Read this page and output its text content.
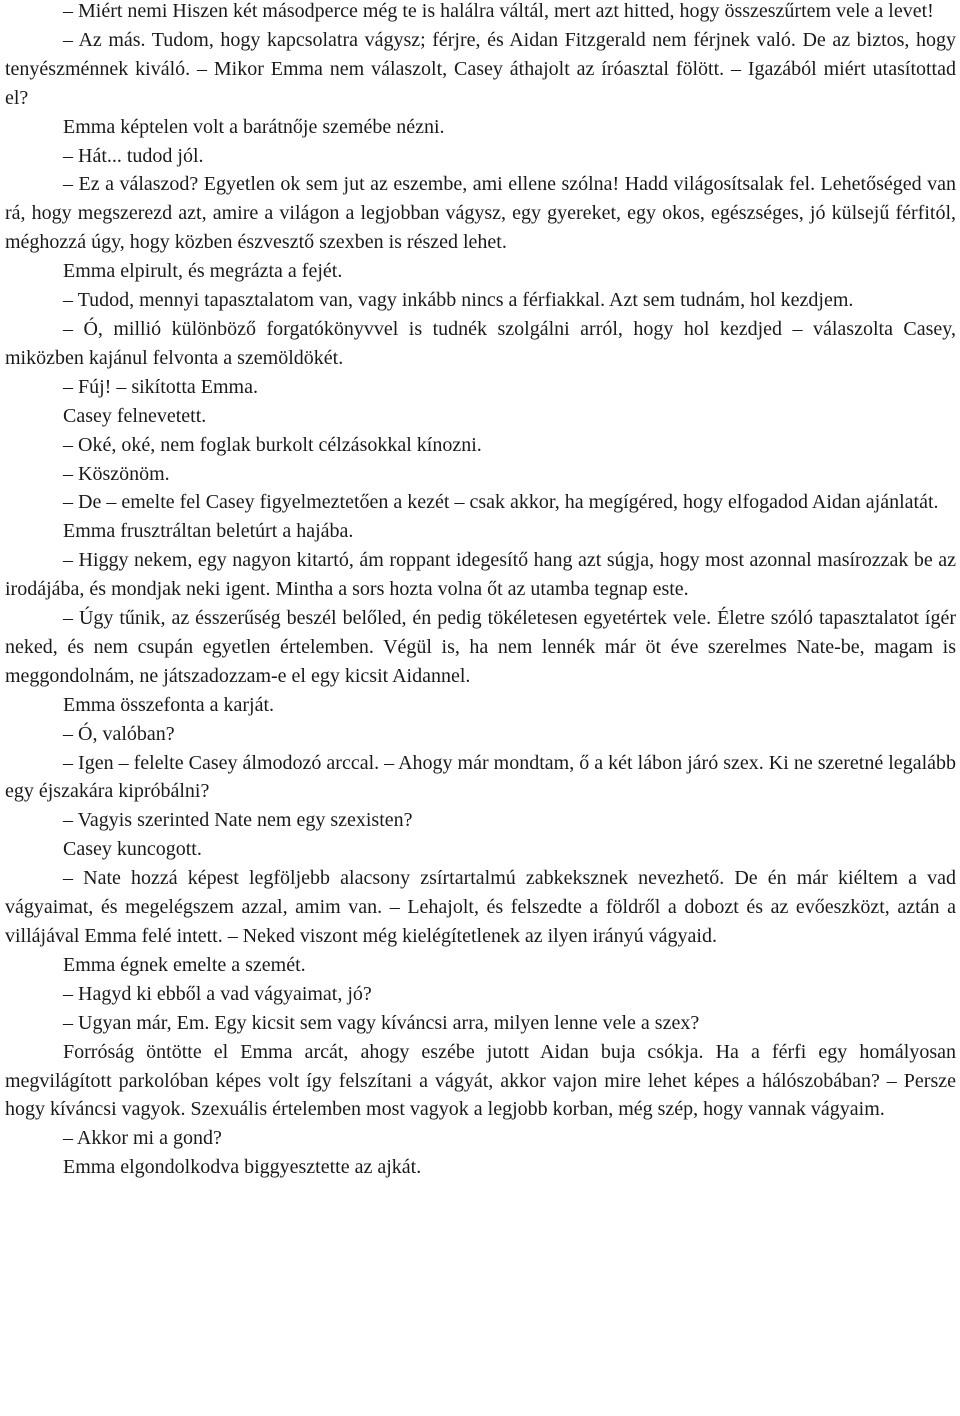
– Miért nemi Hiszen két másodperce még te is halálra váltál, mert azt hitted, hogy összeszűrtem vele a levet!

– Az más. Tudom, hogy kapcsolatra vágysz; férjre, és Aidan Fitzgerald nem férjnek való. De az biztos, hogy tenyészménnek kiváló. – Mikor Emma nem válaszolt, Casey áthajolt az íróasztal fölött. – Igazából miért utasítottad el?

Emma képtelen volt a barátnője szemébe nézni.

– Hát... tudod jól.

– Ez a válaszod? Egyetlen ok sem jut az eszembe, ami ellene szólna! Hadd világosítsalak fel. Lehetőséged van rá, hogy megszerezd azt, amire a világon a legjobban vágysz, egy gyereket, egy okos, egészséges, jó külsejű férfitól, méghozzá úgy, hogy közben észvesztő szexben is részed lehet.

Emma elpirult, és megrázta a fejét.

– Tudod, mennyi tapasztalatom van, vagy inkább nincs a férfiakkal. Azt sem tudnám, hol kezdjem.

– Ó, millió különböző forgatókönyvvel is tudnék szolgálni arról, hogy hol kezdjed – válaszolta Casey, miközben kajánul felvonta a szemöldökét.

– Fúj! – sikította Emma.

Casey felnevetett.

– Oké, oké, nem foglak burkolt célzásokkal kínozni.

– Köszönöm.

– De – emelte fel Casey figyelmeztetően a kezét – csak akkor, ha megígéred, hogy elfogadod Aidan ajánlatát.

Emma frusztráltan beletúrt a hajába.

– Higgy nekem, egy nagyon kitartó, ám roppant idegesítő hang azt súgja, hogy most azonnal masírozzak be az irodájába, és mondjak neki igent. Mintha a sors hozta volna őt az utamba tegnap este.

– Úgy tűnik, az ésszerűség beszél belőled, én pedig tökéletesen egyetértek vele. Életre szóló tapasztalatot ígér neked, és nem csupán egyetlen értelemben. Végül is, ha nem lennék már öt éve szerelmes Nate-be, magam is meggondolnám, ne játszadozzam-e el egy kicsit Aidannel.

Emma összefonta a karját.

– Ó, valóban?

– Igen – felelte Casey álmodozó arccal. – Ahogy már mondtam, ő a két lábon járó szex. Ki ne szeretné legalább egy éjszakára kipróbálni?

– Vagyis szerinted Nate nem egy szexisten?

Casey kuncogott.

– Nate hozzá képest legföljebb alacsony zsírtartalmú zabkeksznek nevezhető. De én már kiéltem a vad vágyaimat, és megelégszem azzal, amim van. – Lehajolt, és felszedte a földről a dobozt és az evőeszközt, aztán a villájával Emma felé intett. – Neked viszont még kielégítetlenek az ilyen irányú vágyaid.

Emma égnek emelte a szemét.

– Hagyd ki ebből a vad vágyaimat, jó?

– Ugyan már, Em. Egy kicsit sem vagy kíváncsi arra, milyen lenne vele a szex?

Forróság öntötte el Emma arcát, ahogy eszébe jutott Aidan buja csókja. Ha a férfi egy homályosan megvilágított parkolóban képes volt így felszítani a vágyát, akkor vajon mire lehet képes a hálószobában? – Persze hogy kíváncsi vagyok. Szexuális értelemben most vagyok a legjobb korban, még szép, hogy vannak vágyaim.

– Akkor mi a gond?

Emma elgondolkodva biggyesztette az ajkát.
